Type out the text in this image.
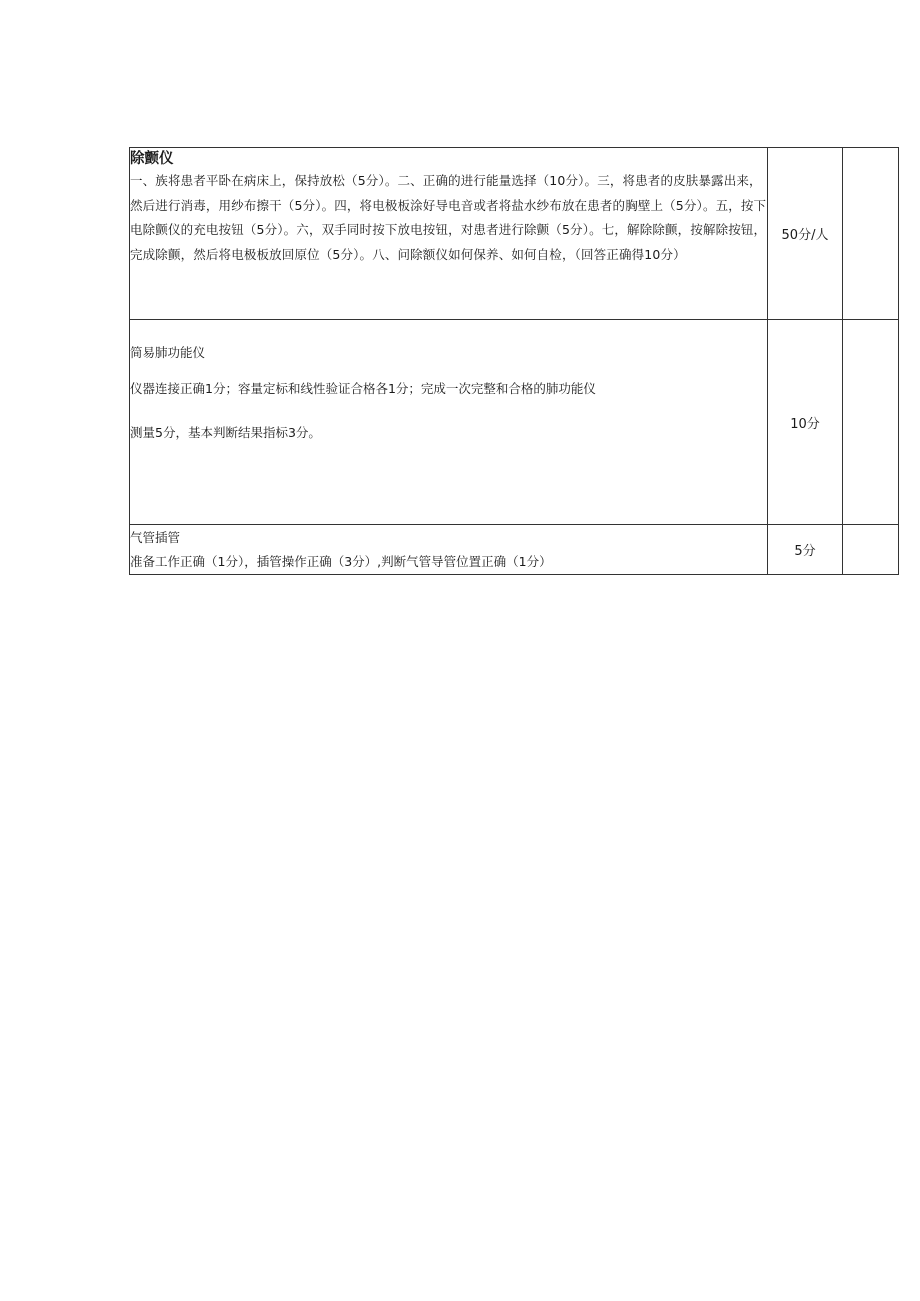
除颤仪
一、族将患者平卧在病床上，保持放松（5分）。二、正确的进行能量选择（10分）。三，将患者的皮肤暴露出来，然后进行消毒，用纱布擦干（5分）。四，将电极板涂好导电音或者将盐水纱布放在患者的胸壁上（5分）。五，按下电除颤仪的充电按钮（5分）。六，双手同时按下放电按钮，对患者进行除颤（5分）。七，解除除颤，按解除按钮，完成除颤，然后将电极板放回原位（5分）。八、问除额仪如何保养、如何自检，（回答正确得10分）	50分/人	

简易肺功能仪
仪器连接正确1分；容量定标和线性验证合格各1分；完成一次完整和合格的肺功能仪
测量5分，基本判断结果指标3分。	10分	

气管插管
准备工作正确（1分），插管操作正确（3分）,判断气管导管位置正确（1分）	5分	
